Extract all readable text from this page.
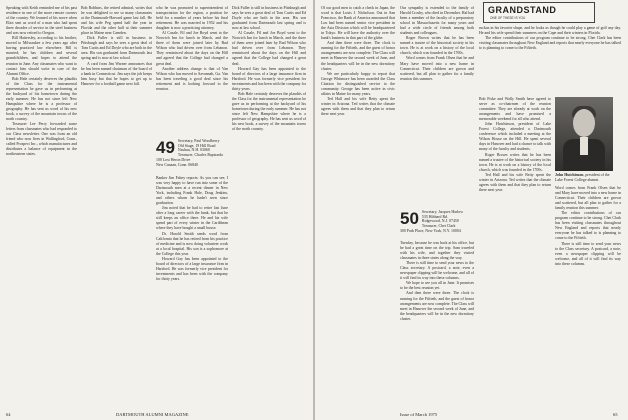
Speaking with Keith reminded me of his past residence in one of the more remote corners of the country. We learned of his move when Eliot sent us word of a man who had spent three decades of service in the steel business and was now retired to Oregon.

Bill Hattersley, according to his brother, moved to Milwaukee a few years ago after having practiced law elsewhere. Bill is married; he has children and several grandchildren, and hopes to attend the reunion in June. Any classmates who want to contact him should write in care of the Alumni Office.

Bob Hale certainly deserves the plaudits of the Class for the instrumental representation he gave us in performing at the backyard of his hometown during the early summer. He has not since left New Hampshire where he is a professor of geography. He has sent us word of his new book, a survey of the mountain towns of the north country.

Treasurer Lee Perry forwarded some letters from classmates who had responded to our Class newsletter. One was from an old friend who now lives in Wallingford, Conn., called Prospect Inc., which manufactures and distributes a balance of equipment in the northeastern states.

Bob Robbins, the retired admiral, writes that he was delighted to see so many classmates at the Dartmouth-Harvard game last fall. He and his wife Peg spend half the year in Florida and the other half at their summer place in Maine near Camden.

Dick Fuller is still in business in Pittsburgh and says he sees a great deal of Tom Curtis and Ed Doyle who are both in the area. His son graduated from Dartmouth last spring and is now at law school.

A card from Jim Warner announces that he has been named chairman of the board of a bank in Connecticut. Jim says the job keeps him busy but that he hopes to get up to Hanover for a football game next fall.

who he was promoted to superintendent of transportation for the region, a position he held for a number of years before his final retirement. He was married in 1952 and his daughter is now a practicing attorney.

Al Casale, Fil and Joe Boyd went to the Norwich Inn for lunch in March, and the three of them were joined later by Bud Wilson who had driven over from Lebanon. They reminisced about the days on the Hill and agreed that the College had changed a great deal.

Another address change is that of Van Wilson who has moved to Savannah, Ga. Van has been traveling a good deal since his retirement and is looking forward to the reunion.

49 Secretary, Paul Woodberry
Old Stage, 19 Hill Road
Nashua, N.H. 03060
Treasurer, Charles Rapisarda
100 Lost Heron Drive
New Canaan, Conn. 06840

Banker Jim Fahey reports: As you can see, I was very happy to have run into some of the Dartmouth men at a recent dinner in New York, including Frank Hale, Doug Jenkins, and others whom he hadn't seen since graduation.

Jim noted that he had to retire last June after a long career with the bank, but that he still keeps an office there. He and his wife spend part of every winter in the Caribbean where they have bought a small house.

Dr. Harold Smith sends word from California that he has retired from his practice of medicine and is now doing volunteer work at a local hospital. His son is a sophomore at the College this year.

Howard Gay has been appointed to the board of directors of a large insurance firm in Hartford. He was formerly vice president for investments and has been with the company for thirty years.

Dick Fuller is still in business in Pittsburgh and says he sees a great deal of Tom Curtis and Ed Doyle who are both in the area. His son graduated from Dartmouth last spring and is now at law school.

Al Casale, Fil and Joe Boyd went to the Norwich Inn for lunch in March, and the three of them were joined later by Bud Wilson who had driven over from Lebanon. They reminisced about the days on the Hill and agreed that the College had changed a great deal.

Howard Gay has been appointed to the board of directors of a large insurance firm in Hartford. He was formerly vice president for investments and has been with the company for thirty years.

Bob Hale certainly deserves the plaudits of the Class for the instrumental representation he gave us in performing at the backyard of his hometown during the early summer. He has not since left New Hampshire where he is a professor of geography. He has sent us word of his new book, a survey of the mountain towns of the north country.

64	DARTMOUTH ALUMNI MAGAZINE

Of our good men to catch a check in Japan, the word is that Louis J. Nicholson. Out in San Francisco, the Bank of America announced that Lou had been named senior vice president in the Asia Division which will be headquartered in Tokyo. He will have the authority over the bank's business in that part of the globe.

And then there were three. The clock is running for the Fiftieth, and the guest of honor arrangements are now complete. The Class will meet in Hanover the second week of June, and the headquarters will be in the new dormitory cluster.

We are particularly happy to report that George Whitmore has been awarded the Class Citation for distinguished service to the community. George has been active in civic affairs in Maine for many years.

Ted Hall and his wife Betty spent the winter in Arizona. Ted writes that the climate agrees with them and that they plan to return there next year.

Our sympathy is extended to the family of Harold Crosby, who died in December. Hal had been a member of the faculty of a preparatory school in Massachusetts for many years and had a wide circle of friends among both students and colleagues.

Roger Brown writes that he has been named a trustee of the historical society in his town. He is at work on a history of the local church, which was founded in the 1700s.

Word comes from Frank Olsen that he and Mary have moved into a new home in Connecticut. Their children are grown and scattered, but all plan to gather for a family reunion this summer.

50 Secretary, Jacques Harlow
535 Hibbard Rd.
Ridgewood, N.J. 07450
Treasurer, Chet Clark
300 Park Place, New York, N.Y. 10004

Tuesday, because he was back at his office, but he had a great time on the trip. Sam traveled with his wife, and together they visited classmates in three states along the way.

There is still time to send your news to the Class secretary. A postcard, a note, even a newspaper clipping will be welcome, and all of it will find its way into these columns.

We hope to see you all in June. It promises to be the best reunion yet.

And then there were three. The clock is running for the Fiftieth, and the guest of honor arrangements are now complete. The Class will meet in Hanover the second week of June, and the headquarters will be in the new dormitory cluster.

GRANDSTAND
ONE OF THESE IS YOU

ruckus in his favorite shape, and he looks as though he could play a game of golf any day. He and his wife spend their summers on the Cape and their winters in Florida.

The editor contributions of our program continue to be strong. Chet Clark has been visiting classmates throughout New England and reports that nearly everyone he has talked to is planning to come to the Fiftieth.

Bob Fiske and Wally Smith have agreed to serve as co-chairmen of the reunion committee. They are already at work on the arrangements and have promised a memorable weekend for all who attend.

John Hutchinson, president of Lake Forest College, attended a Dartmouth conference which included a meeting at the Wilson House on the Hill. He spent several days in Hanover and had a chance to talk with many of the faculty and students.

Roger Brown writes that he has been named a trustee of the historical society in his town. He is at work on a history of the local church, which was founded in the 1700s.

Ted Hall and his wife Betty spent the winter in Arizona. Ted writes that the climate agrees with them and that they plan to return there next year.

John Hutchinson, president of the Lake Forest College alumni.

Word comes from Frank Olsen that he and Mary have moved into a new home in Connecticut. Their children are grown and scattered, but all plan to gather for a family reunion this summer.

The editor contributions of our program continue to be strong. Chet Clark has been visiting classmates throughout New England and reports that nearly everyone he has talked to is planning to come to the Fiftieth.

There is still time to send your news to the Class secretary. A postcard, a note, even a newspaper clipping will be welcome, and all of it will find its way into these columns.

Issue of March 1975	65
